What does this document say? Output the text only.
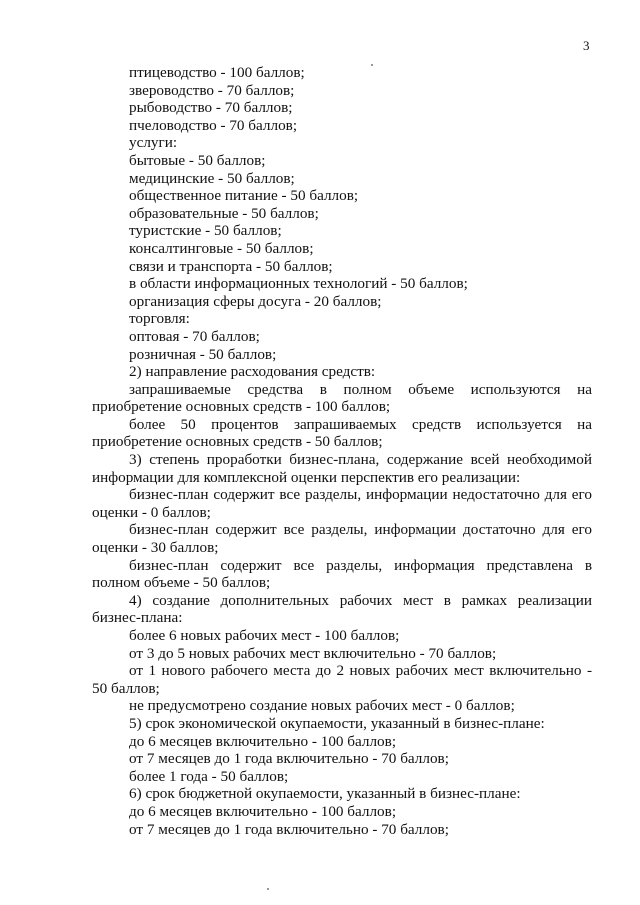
3

птицеводство - 100 баллов;

звероводство - 70 баллов;

рыбоводство - 70 баллов;

пчеловодство - 70 баллов;

услуги:

бытовые - 50 баллов;

медицинские - 50 баллов;

общественное питание - 50 баллов;

образовательные - 50 баллов;

туристские - 50 баллов;

консалтинговые - 50 баллов;

связи и транспорта - 50 баллов;

в области информационных технологий - 50 баллов;

организация сферы досуга - 20 баллов;

торговля:

оптовая - 70 баллов;

розничная - 50 баллов;

2) направление расходования средств:

запрашиваемые средства в полном объеме используются на приобретение основных средств - 100 баллов;

более 50 процентов запрашиваемых средств используется на приобретение основных средств - 50 баллов;

3) степень проработки бизнес-плана, содержание всей необходимой информации для комплексной оценки перспектив его реализации:

бизнес-план содержит все разделы, информации недостаточно для его оценки - 0 баллов;

бизнес-план содержит все разделы, информации достаточно для его оценки - 30 баллов;

бизнес-план содержит все разделы, информация представлена в полном объеме - 50 баллов;

4) создание дополнительных рабочих мест в рамках реализации бизнес-плана:

более 6 новых рабочих мест - 100 баллов;

от 3 до 5 новых рабочих мест включительно - 70 баллов;

от 1 нового рабочего места до 2 новых рабочих мест включительно - 50 баллов;

не предусмотрено создание новых рабочих мест - 0 баллов;

5) срок экономической окупаемости, указанный в бизнес-плане:

до 6 месяцев включительно - 100 баллов;

от 7 месяцев до 1 года включительно - 70 баллов;

более 1 года - 50 баллов;

6) срок бюджетной окупаемости, указанный в бизнес-плане:

до 6 месяцев включительно - 100 баллов;

от 7 месяцев до 1 года включительно - 70 баллов;
